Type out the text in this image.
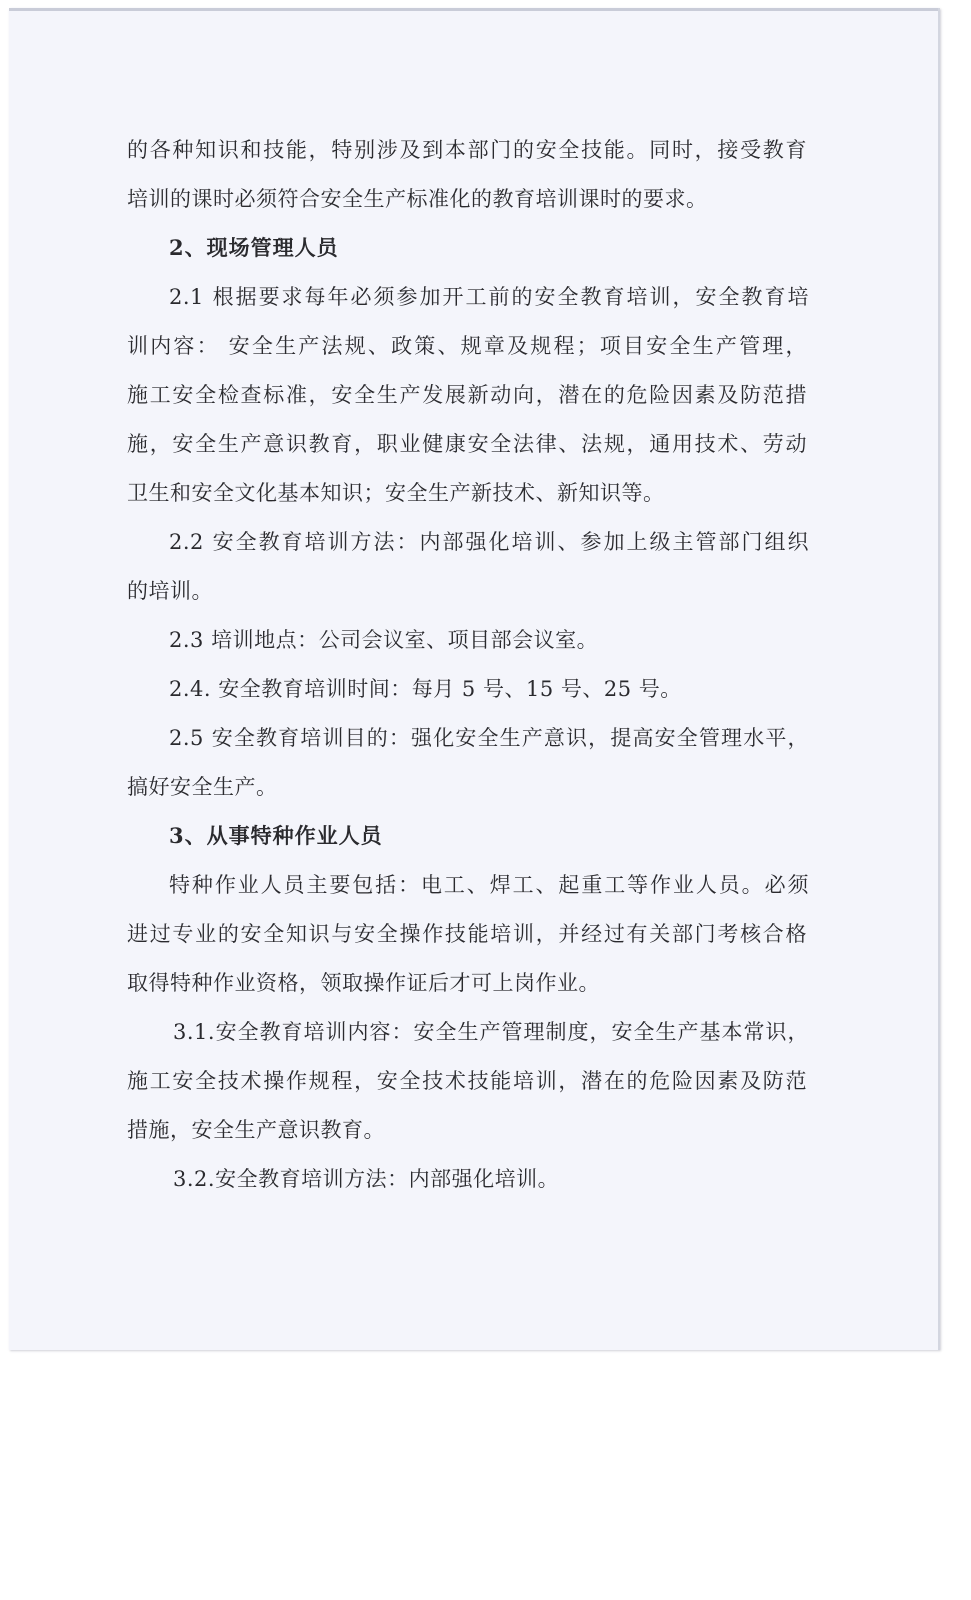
的各种知识和技能，特别涉及到本部门的安全技能。同时，接受教育
培训的课时必须符合安全生产标准化的教育培训课时的要求。
2、现场管理人员
2.1 根据要求每年必须参加开工前的安全教育培训，安全教育培
训内容： 安全生产法规、政策、规章及规程；项目安全生产管理，
施工安全检查标准，安全生产发展新动向，潜在的危险因素及防范措
施，安全生产意识教育，职业健康安全法律、法规，通用技术、劳动
卫生和安全文化基本知识；安全生产新技术、新知识等。
2.2 安全教育培训方法：内部强化培训、参加上级主管部门组织
的培训。
2.3 培训地点：公司会议室、项目部会议室。
2.4. 安全教育培训时间：每月 5 号、15 号、25 号。
2.5 安全教育培训目的：强化安全生产意识，提高安全管理水平，
搞好安全生产。
3、从事特种作业人员
特种作业人员主要包括：电工、焊工、起重工等作业人员。必须
进过专业的安全知识与安全操作技能培训，并经过有关部门考核合格
取得特种作业资格，领取操作证后才可上岗作业。
3.1.安全教育培训内容：安全生产管理制度，安全生产基本常识，
施工安全技术操作规程，安全技术技能培训，潜在的危险因素及防范
措施，安全生产意识教育。
3.2.安全教育培训方法：内部强化培训。
